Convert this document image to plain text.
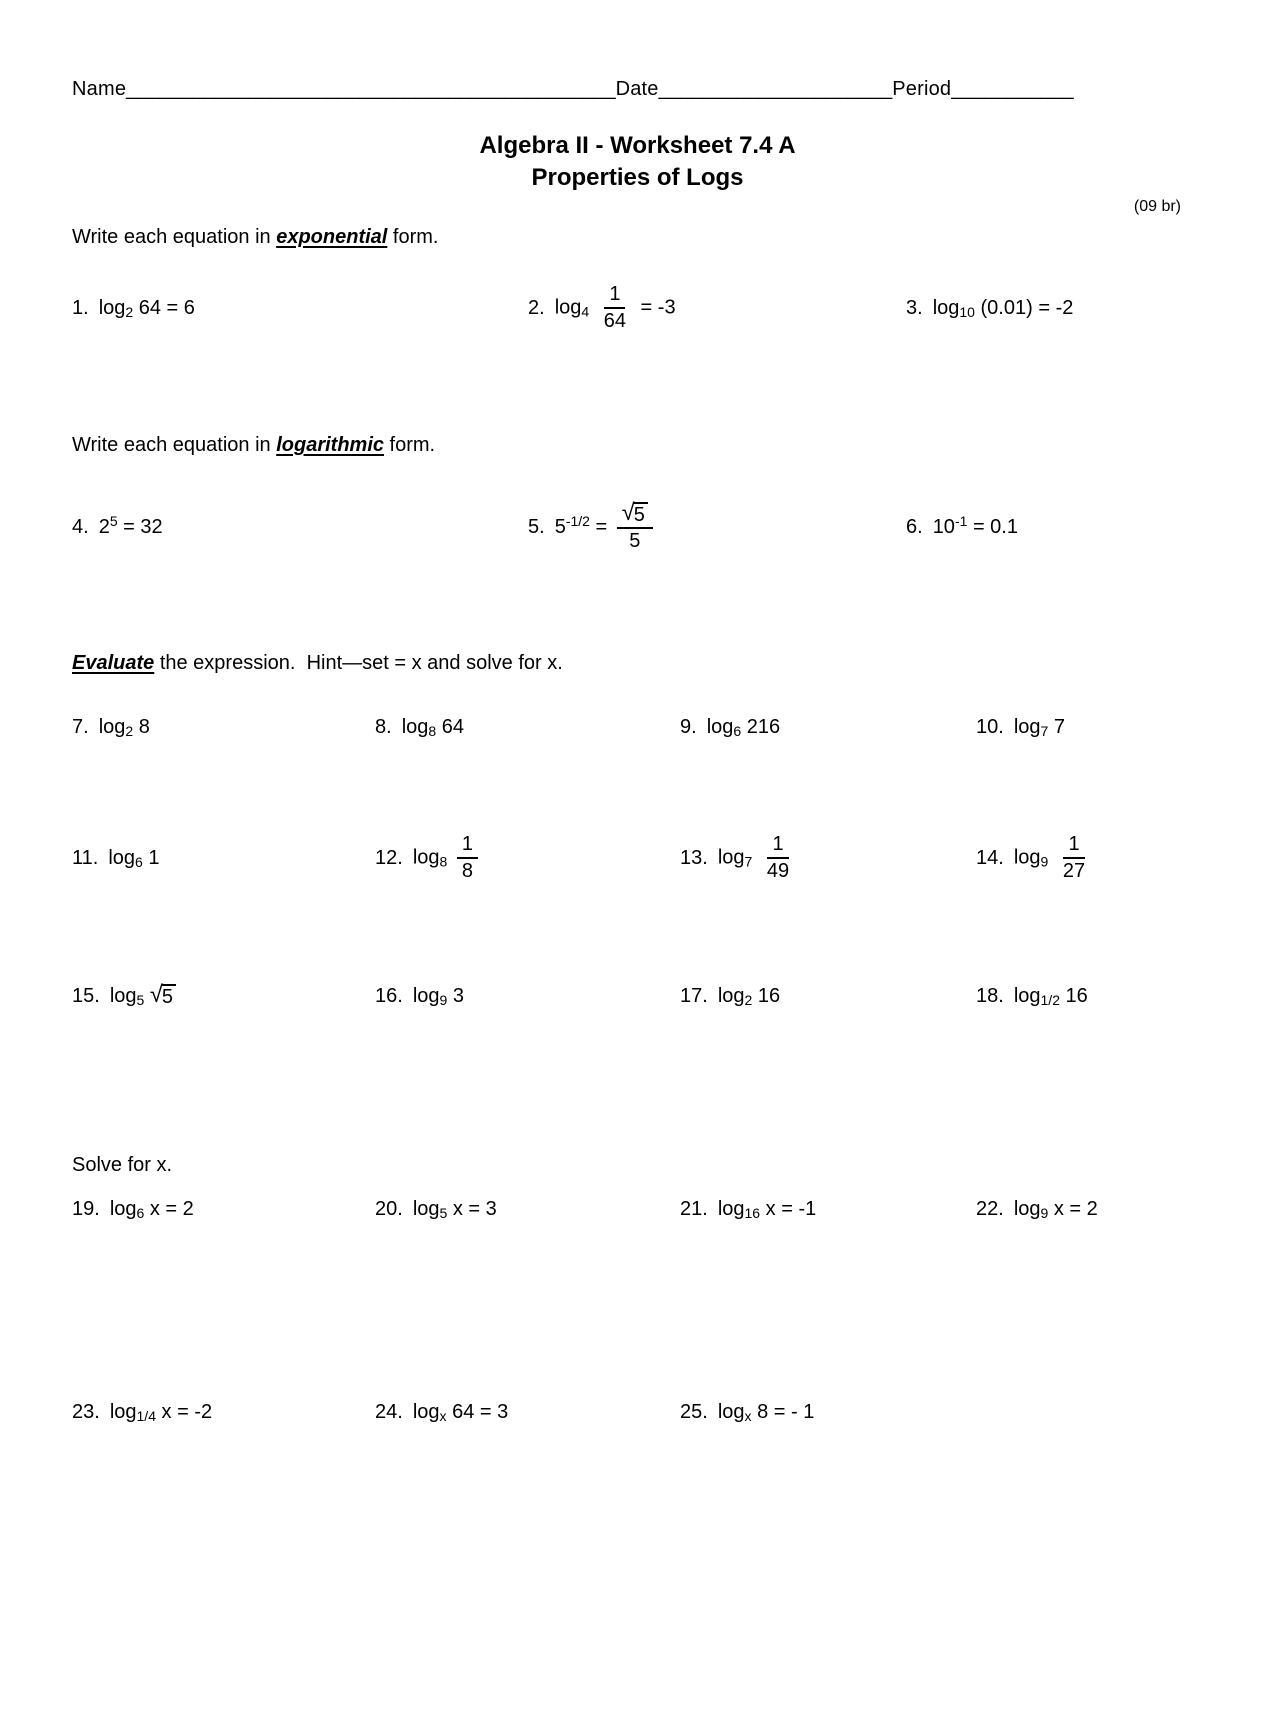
Name____________________________________________Date_____________________Period___________
Algebra II - Worksheet 7.4 A
Properties of Logs
(09 br)
Write each equation in exponential form.
1. $\log_2 64 = 6$	2. $\log_4 \frac{1}{64} = -3$	3. $\log_{10} (0.01) = -2$
Write each equation in logarithmic form.
4. $2^5 = 32$	5. $5^{-1/2} = \frac{√ 5}{5}$	6. $10^{-1} = 0.1$
Evaluate the expression.  Hint—set = x and solve for x.
7. $\log_2 8$	8. $\log_8 64$	9. $\log_6 216$	10. $\log_7 7$
11. $\log_6 1$	12. $\log_8 \frac{1}{8}$	13. $\log_7 \frac{1}{49}$	14. $\log_9 \frac{1}{27}$
15. $\log_5$ √ 5	16. $\log_9 3$	17. $\log_2 16$	18. $\log_{1/2} 16$
Solve for x.
19. $\log_6 x = 2$	20. $\log_5 x = 3$	21. $\log_{16} x = -1$	22. $\log_9 x = 2$
23. $\log_{1/4} x = -2$	24. $\log_x 64 = 3$	25. $\log_x 8$ = - 1
